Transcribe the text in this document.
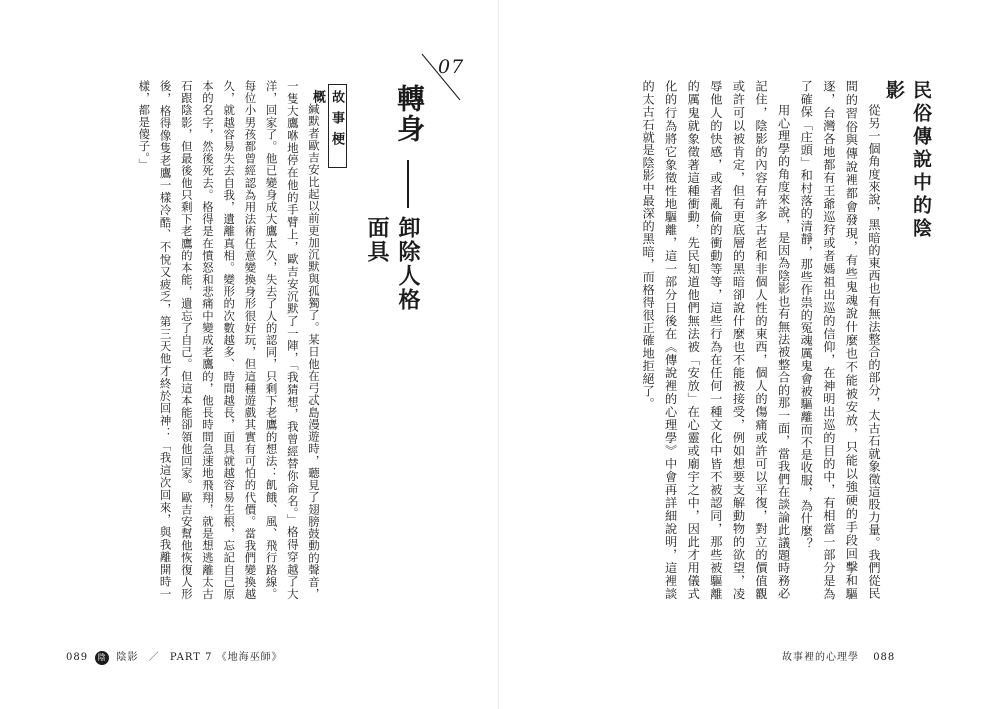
07
轉身
卸除人格面具
故事梗概

緘默者歐吉安比起以前更加沉默與孤獨了。某日他在弓忒島漫遊時，聽見了翅膀鼓動的聲音，一隻大鷹咻地停在他的手臂上，歐吉安沉默了一陣，「我猜想，我曾經替你命名。」格得穿越了大洋，回家了。他已變身成大鷹太久，失去了人的認同，只剩下老鷹的想法：飢餓、風、飛行路線。每位小男孩都曾經認為用法術任意變換身形很好玩，但這種遊戲其實有可怕的代價。當我們變換越久，就越容易失去自我，遺離真相。變形的次數越多、時間越長，面具就越容易生根，忘記自己原本的名字，然後死去。格得是在憤怒和悲痛中變成老鷹的，他長時間急速地飛翔，就是想逃離太古石跟陰影，但最後他只剩下老鷹的本能，遺忘了自己。但這本能卻領他回家。歐吉安幫他恢復人形後，格得像隻老鷹一樣冷酷、不悅又疲乏，第三天他才終於回神：「我這次回來，與我離開時一樣，都是傻子。」

089 陰 陰影 ／ PART 7 《地海巫師》
民俗傳說中的陰影

從另一個角度來說，黑暗的東西也有無法整合的部分，太古石就象徵這股力量。我們從民間的習俗與傳說裡都會發現，有些鬼魂說什麼也不能被安放，只能以強硬的手段回擊和驅逐，台灣各地都有王爺巡狩或者媽祖出巡的信仰，在神明出巡的目的中，有相當一部分是為了確保「庄頭」和村落的清靜，那些作祟的冤魂厲鬼會被驅離而不是收服，為什麼？

用心理學的角度來說，是因為陰影也有無法被整合的那一面，當我們在談論此議題時務必記住，陰影的內容有許多古老和非個人性的東西，個人的傷痛或許可以平復，對立的價值觀或許可以被肯定，但有更底層的黑暗卻說什麼也不能被接受，例如想要支解動物的欲望，凌辱他人的快感，或者亂倫的衝動等等，這些行為在任何一種文化中皆不被認同，那些被驅離的厲鬼就象徵著這種衝動，先民知道他們無法被「安放」在心靈或廟宇之中，因此才用儀式化的行為將它象徵性地驅離，這一部分日後在《傳說裡的心理學》中會再詳細說明，這裡談的太古石就是陰影中最深的黑暗，而格得很正確地拒絕了。

故事裡的心理學 088
